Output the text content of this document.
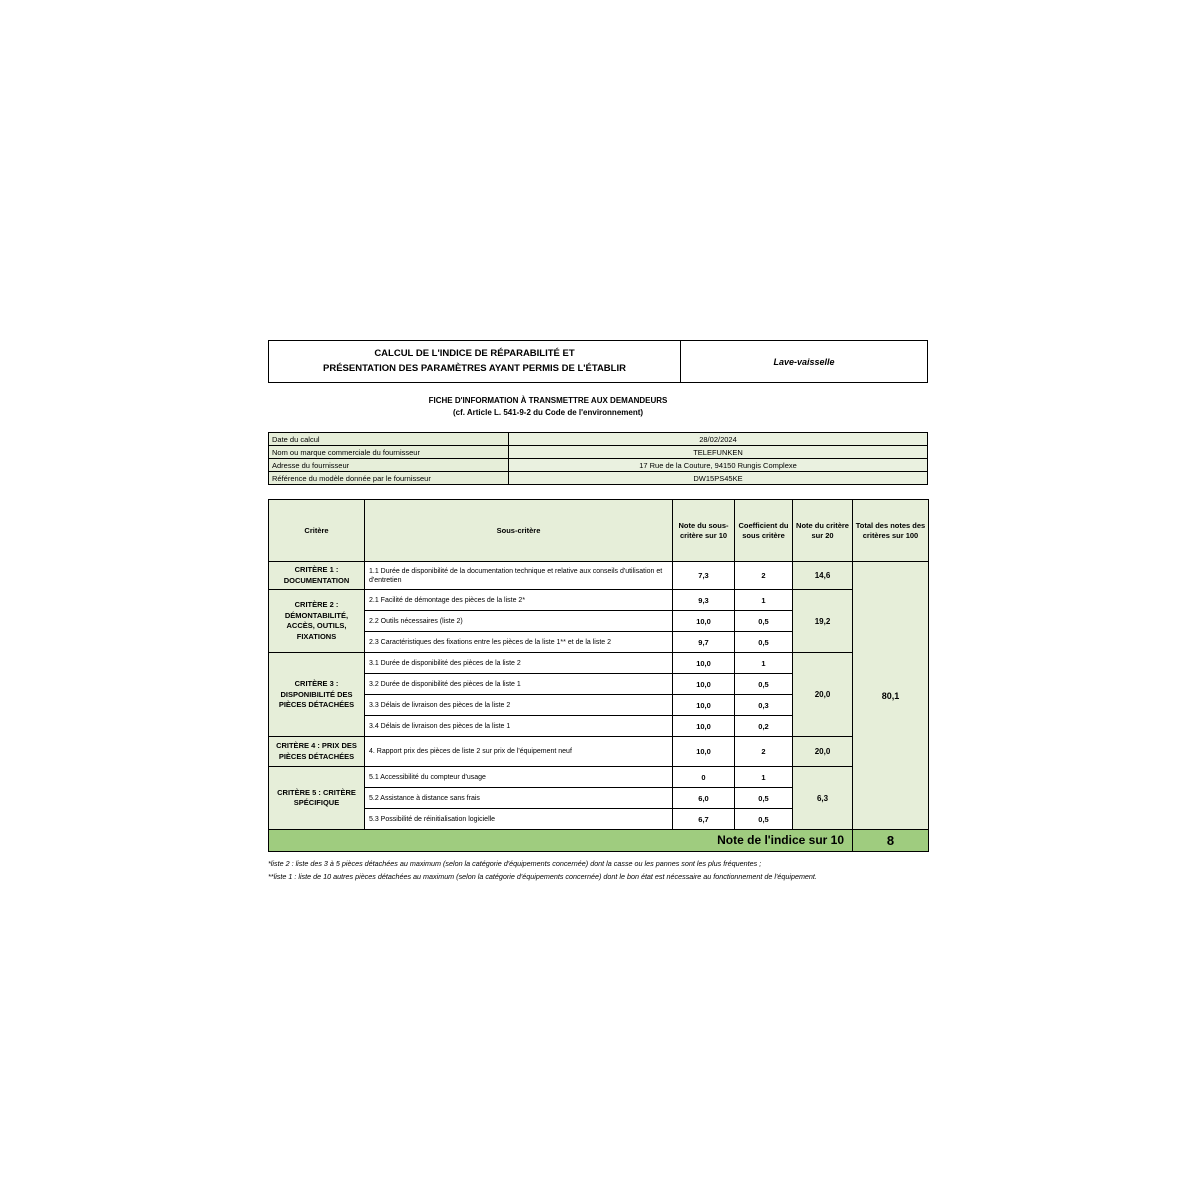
CALCUL DE L'INDICE DE RÉPARABILITÉ ET
PRÉSENTATION DES PARAMÈTRES AYANT PERMIS DE L'ÉTABLIR
Lave-vaisselle
FICHE D'INFORMATION À TRANSMETTRE AUX DEMANDEURS
(cf. Article L. 541-9-2 du Code de l'environnement)
Date du calcul	28/02/2024
Nom ou marque commerciale du fournisseur	TELEFUNKEN
Adresse du fournisseur	17 Rue de la Couture, 94150 Rungis Complexe
Référence du modèle donnée par le fournisseur	DW15PS45KE
Critère	Sous-critère	Note du sous-critère sur 10	Coefficient du sous critère	Note du critère sur 20	Total des notes des critères sur 100
CRITÈRE 1 : DOCUMENTATION	1.1 Durée de disponibilité de la documentation technique et relative aux conseils d'utilisation et d'entretien	7,3	2	14,6	80,1
CRITÈRE 2 : DÉMONTABILITÉ, ACCÈS, OUTILS, FIXATIONS	2.1 Facilité de démontage des pièces de la liste 2*	9,3	1	19,2	
	2.2 Outils nécessaires (liste 2)	10,0	0,5		
	2.3 Caractéristiques des fixations entre les pièces de la liste 1** et de la liste 2	9,7	0,5		
CRITÈRE 3 : DISPONIBILITÉ DES PIÈCES DÉTACHÉES	3.1 Durée de disponibilité des pièces de la liste 2	10,0	1	20,0	
	3.2 Durée de disponibilité des pièces de la liste 1	10,0	0,5		
	3.3 Délais de livraison des pièces de la liste 2	10,0	0,3		
	3.4 Délais de livraison des pièces de la liste 1	10,0	0,2		
CRITÈRE 4 : PRIX DES PIÈCES DÉTACHÉES	4. Rapport prix des pièces de liste 2 sur prix de l'équipement neuf	10,0	2	20,0	
CRITÈRE 5 : CRITÈRE SPÉCIFIQUE	5.1 Accessibilité du compteur d'usage	0	1	6,3	
	5.2 Assistance à distance sans frais	6,0	0,5		
	5.3 Possibilité de réinitialisation logicielle	6,7	0,5		
Note de l'indice sur 10					8
*liste 2 : liste des 3 à 5 pièces détachées au maximum (selon la catégorie d'équipements concernée) dont la casse ou les pannes sont les plus fréquentes ;
**liste 1 : liste de 10 autres pièces détachées au maximum (selon la catégorie d'équipements concernée) dont le bon état est nécessaire au fonctionnement de l'équipement.
